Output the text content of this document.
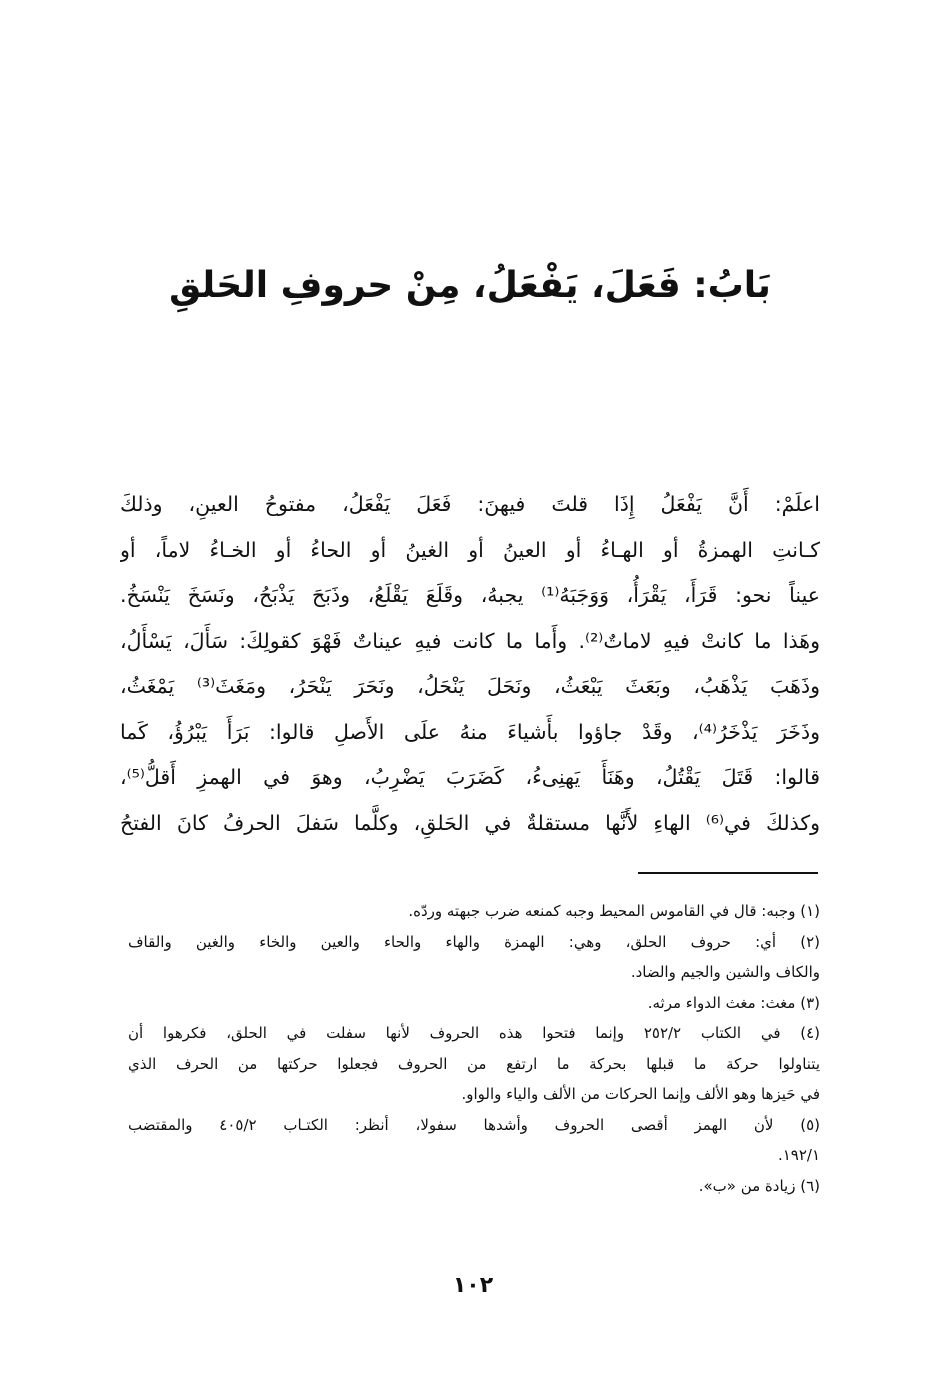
بَابُ: فَعَلَ، يَفْعَلُ، مِنْ حروفِ الحَلقِ
اعلَمْ: أَنَّ يَفْعَلُ إِذَا قلتَ فيهنَ: فَعَلَ يَفْعَلُ، مفتوحُ العينِ، وذلكَ
كـانتِ الهمزةُ أو الهـاءُ أو العينُ أو الغينُ أو الحاءُ أو الخـاءُ لاماً، أو
عيناً نحو: قَرَأَ، يَقْرَأُ، وَوَجَبَهُ⁽¹⁾ يجبهُ، وقَلَعَ يَقْلَعُ، وذَبَحَ يَذْبَحُ، ونَسَخَ يَنْسَخُ.
وهَذا ما كانتْ فيهِ لاماتٌ⁽²⁾. وأَما ما كانت فيهِ عيناتٌ فَهْوَ كقولِكَ: سَأَلَ، يَسْأَلُ،
وذَهَبَ يَذْهَبُ، وبَعَثَ يَبْعَثُ، ونَحَلَ يَنْحَلُ، ونَحَرَ يَنْحَرُ، ومَغَثَ⁽³⁾ يَمْغَثُ،
وذَخَرَ يَذْخَرُ⁽⁴⁾، وقَدْ جاؤوا بأَشياءَ منهُ علَى الأَصلِ قالوا: بَرَأَ يَبْرُؤُ، كَما
قالوا: قَتَلَ يَقْتُلُ، وهَنَأَ يَهنِىءُ، كَضَرَبَ يَضْرِبُ، وهوَ في الهمزِ أَقلُّ⁽⁵⁾،
وكذلكَ في⁽⁶⁾ الهاءِ لأَنَّها مستقلةٌ في الحَلقِ، وكلَّما سَفلَ الحرفُ كانَ الفتحُ
(١) وجبه: قال في القاموس المحيط وجبه كمنعه ضرب جبهته وردّه.
(٢) أي: حروف الحلق، وهي: الهمزة والهاء والحاء والعين والخاء والغين والقاف
والكاف والشين والجيم والضاد.
(٣) مغث: مغث الدواء مرثه.
(٤) في الكتاب ٢٥٢/٢ وإنما فتحوا هذه الحروف لأنها سفلت في الحلق، فكرهوا أن
يتناولوا حركة ما قبلها بحركة ما ارتفع من الحروف فجعلوا حركتها من الحرف الذي
في حَيزها وهو الألف وإنما الحركات من الألف والياء والواو.
(٥) لأن الهمز أقصى الحروف وأشدها سفولا، أنظر: الكتـاب ٤٠٥/٢ والمقتضب
١٩٢/١.
(٦) زيادة من «ب».
١٠٢
